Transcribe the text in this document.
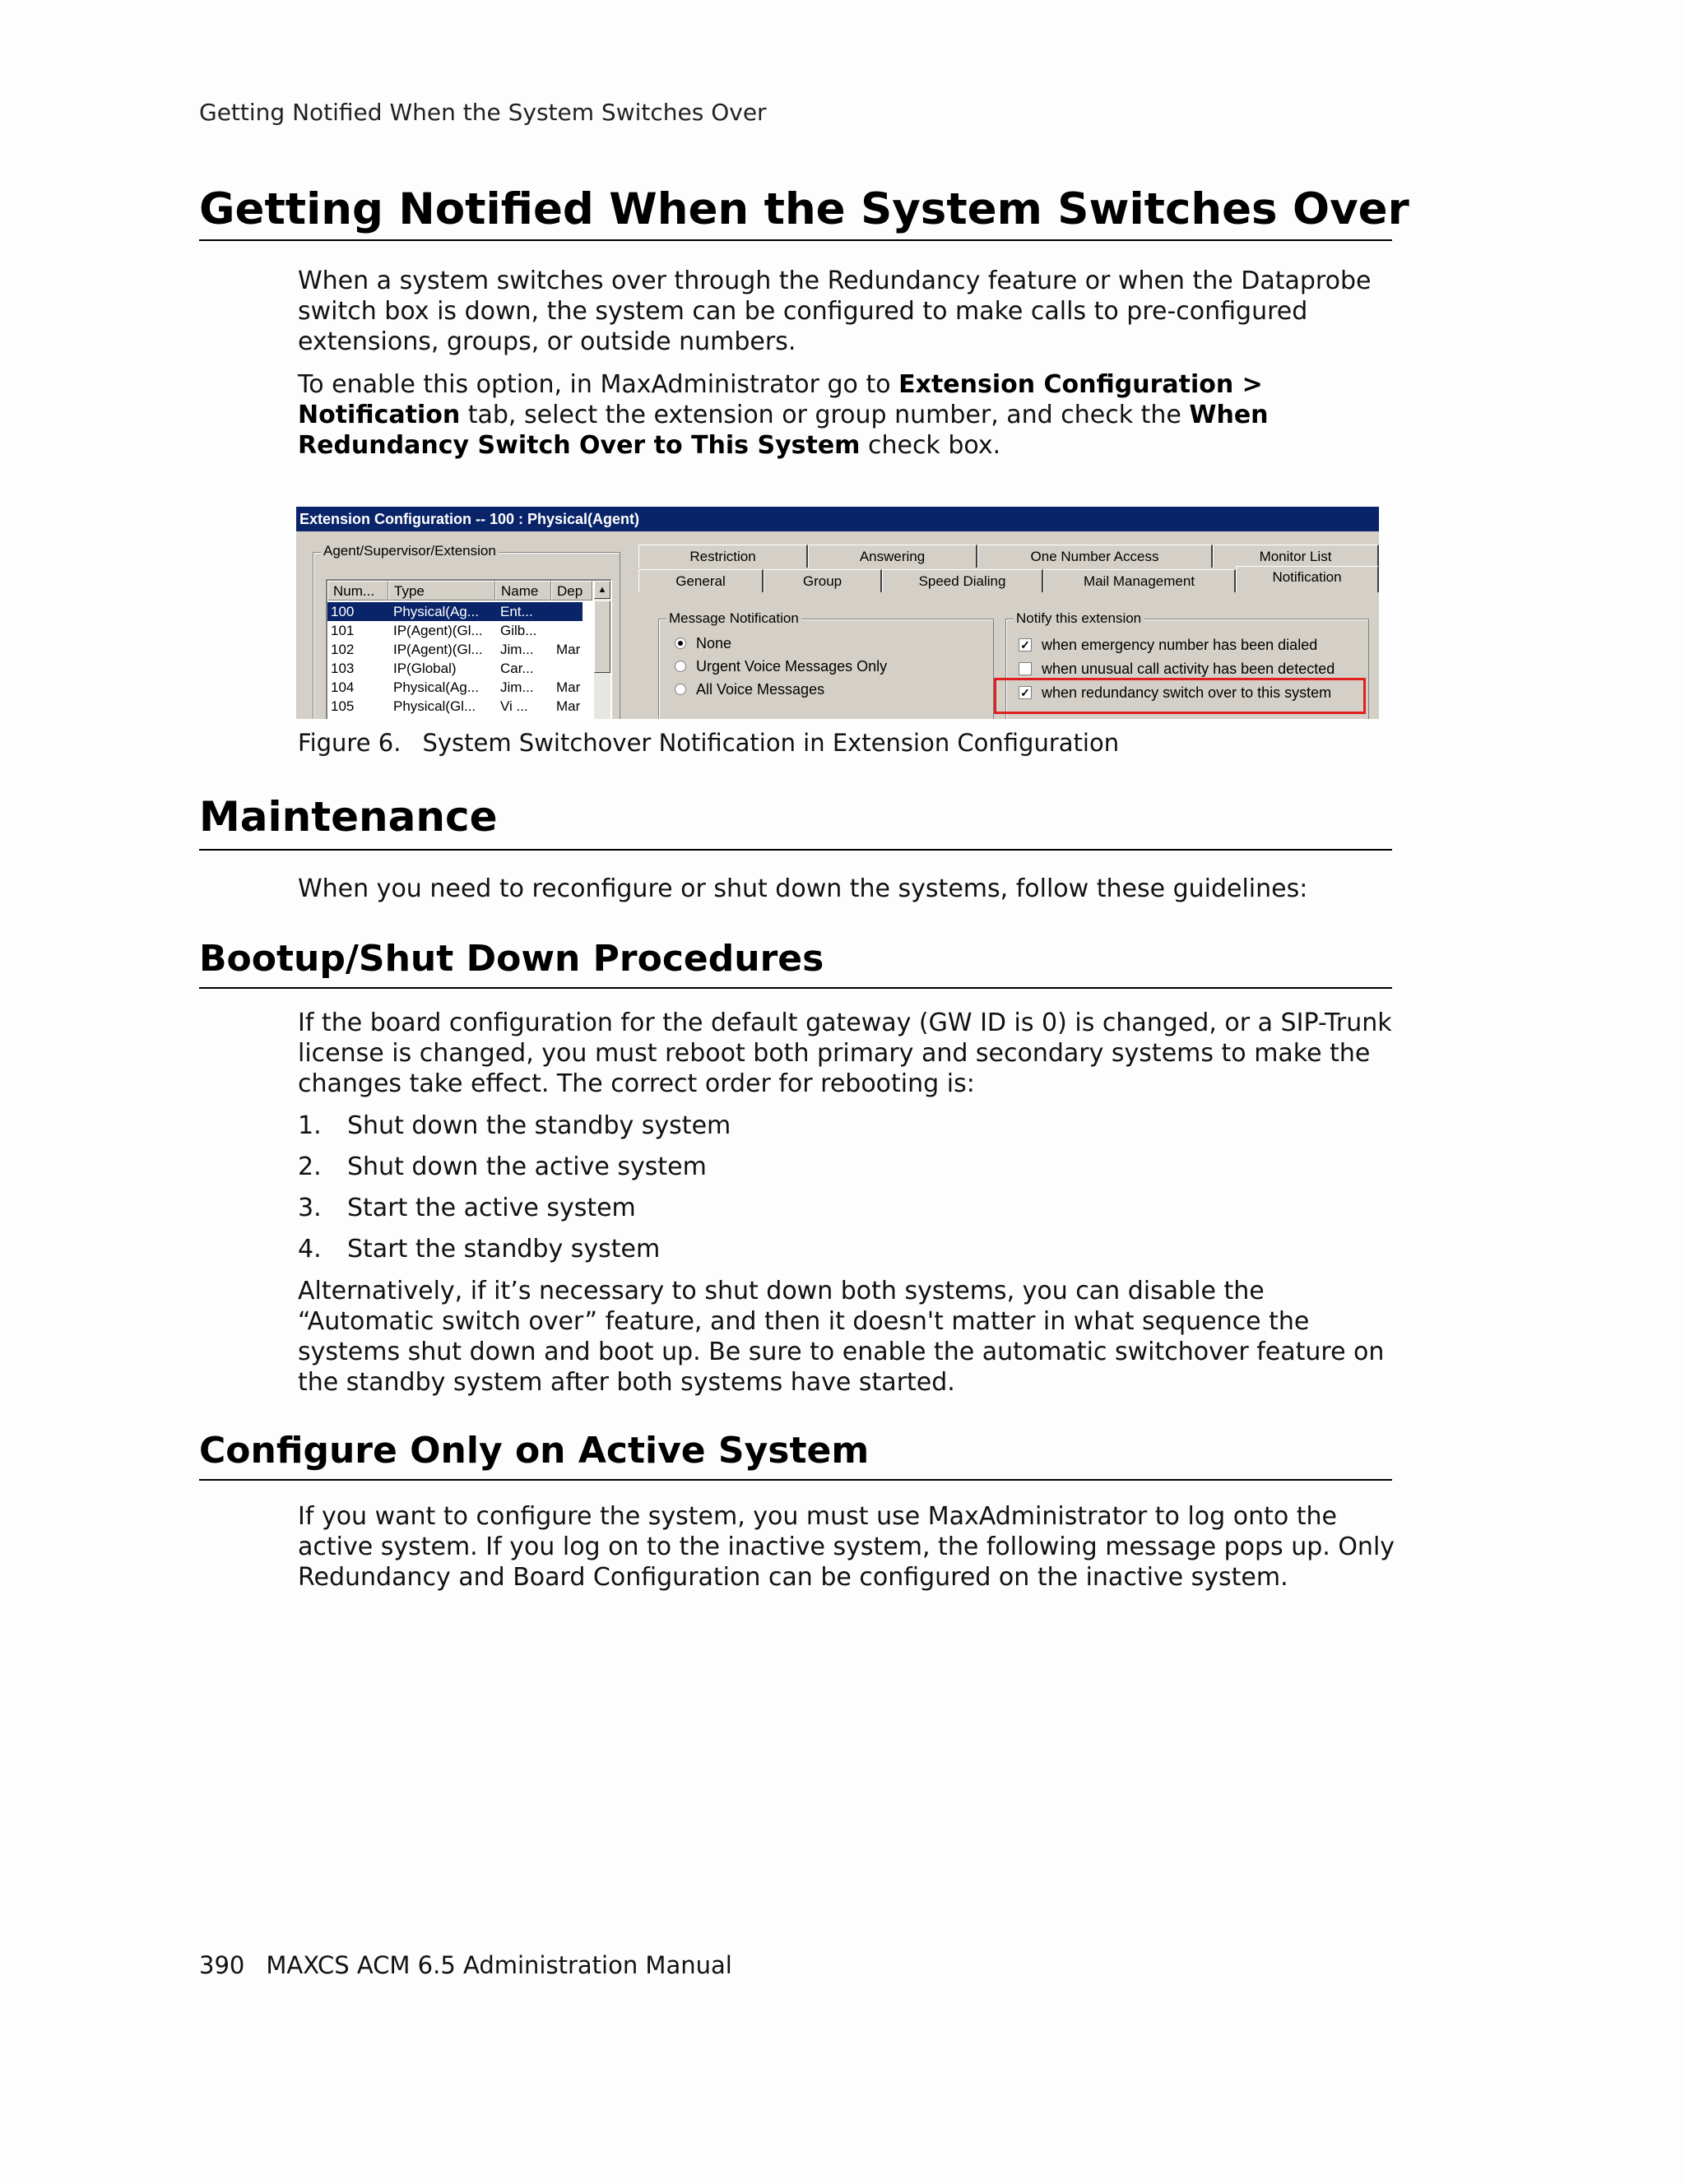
Getting Notified When the System Switches Over
Getting Notified When the System Switches Over

When a system switches over through the Redundancy feature or when the Dataprobe switch box is down, the system can be configured to make calls to pre-configured extensions, groups, or outside numbers.

To enable this option, in MaxAdministrator go to Extension Configuration > Notification tab, select the extension or group number, and check the When Redundancy Switch Over to This System check box.

Extension Configuration -- 100 : Physical(Agent)
Agent/Supervisor/Extension
Num...	Type	Name	Dep
100	Physical(Ag...	Ent...
101	IP(Agent)(Gl...	Gilb...
102	IP(Agent)(Gl...	Jim...	Mar
103	IP(Global)	Car...
104	Physical(Ag...	Jim...	Mar
105	Physical(Gl...	Vi ...	Mar
▲
Restriction	Answering	One Number Access	Monitor List
General	Group	Speed Dialing	Mail Management	Notification
Message Notification
None
Urgent Voice Messages Only
All Voice Messages
Notify this extension
✓ when emergency number has been dialed
when unusual call activity has been detected
✓ when redundancy switch over to this system
Figure 6. System Switchover Notification in Extension Configuration
Maintenance

When you need to reconfigure or shut down the systems, follow these guidelines:

Bootup/Shut Down Procedures

If the board configuration for the default gateway (GW ID is 0) is changed, or a SIP-Trunk license is changed, you must reboot both primary and secondary systems to make the changes take effect. The correct order for rebooting is:

1. Shut down the standby system
2. Shut down the active system
3. Start the active system
4. Start the standby system

Alternatively, if it’s necessary to shut down both systems, you can disable the “Automatic switch over” feature, and then it doesn't matter in what sequence the systems shut down and boot up. Be sure to enable the automatic switchover feature on the standby system after both systems have started.

Configure Only on Active System

If you want to configure the system, you must use MaxAdministrator to log onto the active system. If you log on to the inactive system, the following message pops up. Only Redundancy and Board Configuration can be configured on the inactive system.

390 MAXCS ACM 6.5 Administration Manual
